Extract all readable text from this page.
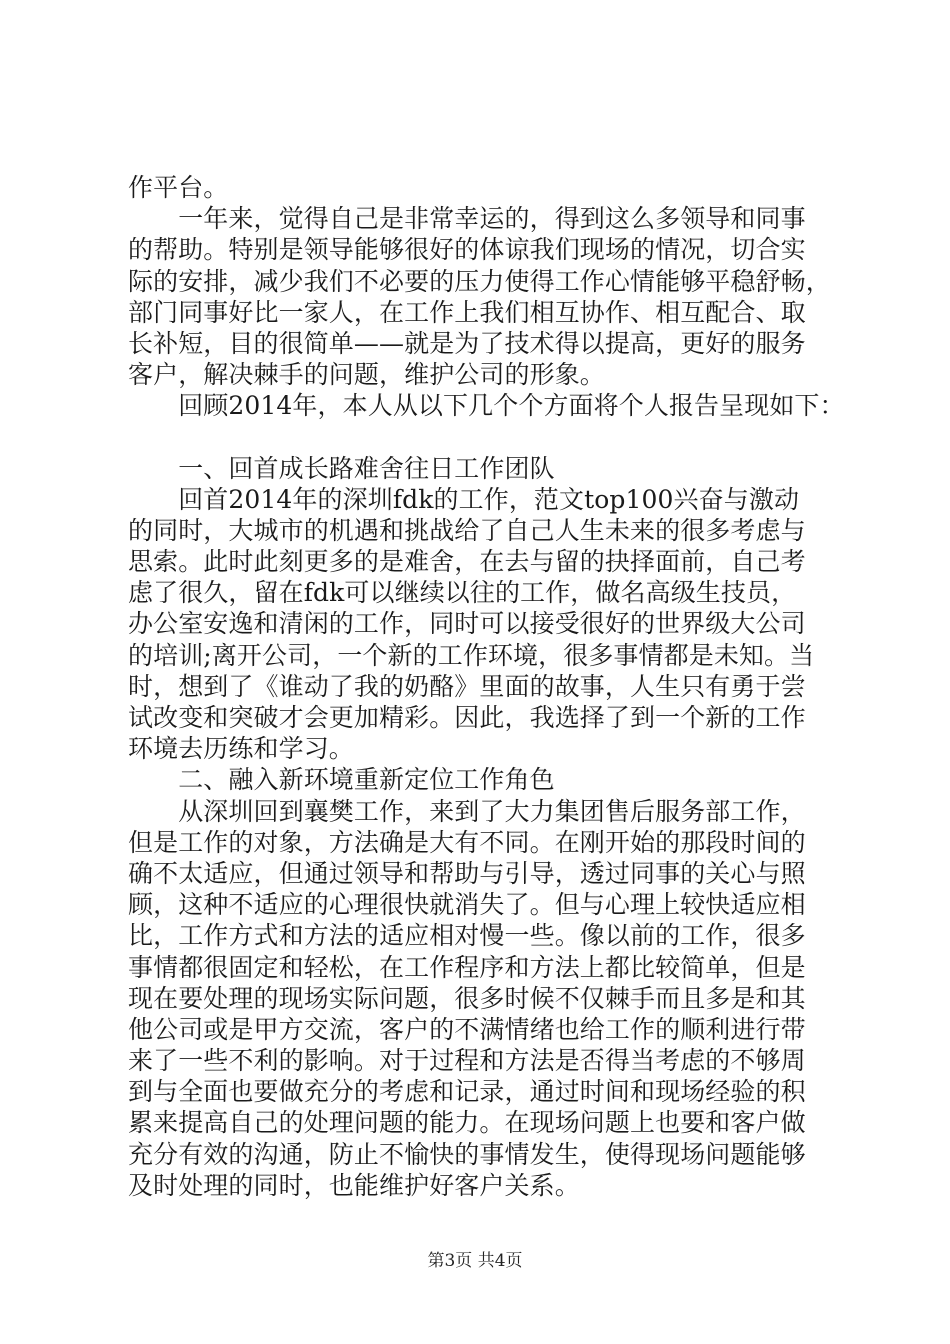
作平台。
　　一年来，觉得自己是非常幸运的，得到这么多领导和同事
的帮助。特别是领导能够很好的体谅我们现场的情况，切合实
际的安排，减少我们不必要的压力使得工作心情能够平稳舒畅，
部门同事好比一家人，在工作上我们相互协作、相互配合、取
长补短，目的很简单——就是为了技术得以提高，更好的服务
客户，解决棘手的问题，维护公司的形象。
　　回顾2014年，本人从以下几个个方面将个人报告呈现如下：
　　一、回首成长路难舍往日工作团队
　　回首2014年的深圳fdk的工作，范文top100兴奋与激动
的同时，大城市的机遇和挑战给了自己人生未来的很多考虑与
思索。此时此刻更多的是难舍，在去与留的抉择面前，自己考
虑了很久，留在fdk可以继续以往的工作，做名高级生技员，
办公室安逸和清闲的工作，同时可以接受很好的世界级大公司
的培训;离开公司，一个新的工作环境，很多事情都是未知。当
时，想到了《谁动了我的奶酪》里面的故事，人生只有勇于尝
试改变和突破才会更加精彩。因此，我选择了到一个新的工作
环境去历练和学习。
　　二、融入新环境重新定位工作角色
　　从深圳回到襄樊工作，来到了大力集团售后服务部工作，
但是工作的对象，方法确是大有不同。在刚开始的那段时间的
确不太适应，但通过领导和帮助与引导，透过同事的关心与照
顾，这种不适应的心理很快就消失了。但与心理上较快适应相
比，工作方式和方法的适应相对慢一些。像以前的工作，很多
事情都很固定和轻松，在工作程序和方法上都比较简单，但是
现在要处理的现场实际问题，很多时候不仅棘手而且多是和其
他公司或是甲方交流，客户的不满情绪也给工作的顺利进行带
来了一些不利的影响。对于过程和方法是否得当考虑的不够周
到与全面也要做充分的考虑和记录，通过时间和现场经验的积
累来提高自己的处理问题的能力。在现场问题上也要和客户做
充分有效的沟通，防止不愉快的事情发生，使得现场问题能够
及时处理的同时，也能维护好客户关系。
第3页 共4页
